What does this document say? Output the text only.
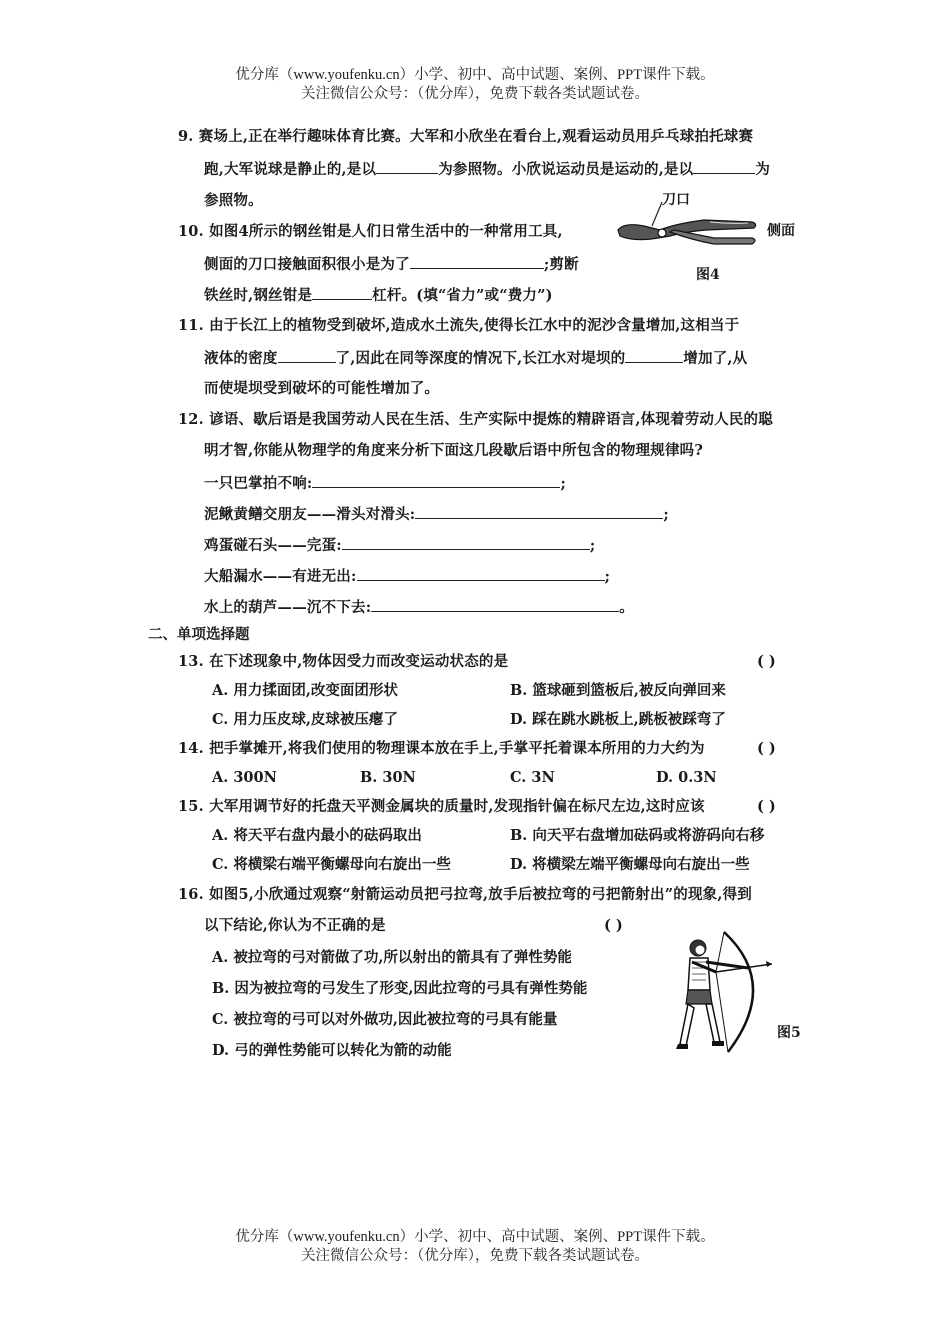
优分库（www.youfenku.cn）小学、初中、高中试题、案例、PPT课件下载。
关注微信公众号：（优分库），免费下载各类试题试卷。
9. 赛场上,正在举行趣味体育比赛。大军和小欣坐在看台上,观看运动员用乒乓球拍托球赛
跑,大军说球是静止的,是以	为参照物。小欣说运动员是运动的,是以	为
参照物。
10. 如图4所示的钢丝钳是人们日常生活中的一种常用工具,
侧面的刀口接触面积很小是为了	;剪断
铁丝时,钢丝钳是	杠杆。(填“省力”或“费力”)
刀口
侧面
图4
11. 由于长江上的植物受到破坏,造成水土流失,使得长江水中的泥沙含量增加,这相当于
液体的密度	了,因此在同等深度的情况下,长江水对堤坝的	增加了,从
而使堤坝受到破坏的可能性增加了。
12. 谚语、歇后语是我国劳动人民在生活、生产实际中提炼的精辟语言,体现着劳动人民的聪
明才智,你能从物理学的角度来分析下面这几段歇后语中所包含的物理规律吗?
一只巴掌拍不响:	;
泥鳅黄鳝交朋友——滑头对滑头:	;
鸡蛋碰石头——完蛋:	;
大船漏水——有进无出:	;
水上的葫芦——沉不下去:	。
二、单项选择题
13. 在下述现象中,物体因受力而改变运动状态的是	( )
A. 用力揉面团,改变面团形状	B. 篮球砸到篮板后,被反向弹回来
C. 用力压皮球,皮球被压瘪了	D. 踩在跳水跳板上,跳板被踩弯了
14. 把手掌摊开,将我们使用的物理课本放在手上,手掌平托着课本所用的力大约为	( )
A. 300N	B. 30N	C. 3N	D. 0.3N
15. 大军用调节好的托盘天平测金属块的质量时,发现指针偏在标尺左边,这时应该	( )
A. 将天平右盘内最小的砝码取出	B. 向天平右盘增加砝码或将游码向右移
C. 将横梁右端平衡螺母向右旋出一些	D. 将横梁左端平衡螺母向右旋出一些
16. 如图5,小欣通过观察“射箭运动员把弓拉弯,放手后被拉弯的弓把箭射出”的现象,得到
以下结论,你认为不正确的是	( )
A. 被拉弯的弓对箭做了功,所以射出的箭具有了弹性势能
B. 因为被拉弯的弓发生了形变,因此拉弯的弓具有弹性势能
C. 被拉弯的弓可以对外做功,因此被拉弯的弓具有能量
D. 弓的弹性势能可以转化为箭的动能
图5
优分库（www.youfenku.cn）小学、初中、高中试题、案例、PPT课件下载。
关注微信公众号：（优分库），免费下载各类试题试卷。
